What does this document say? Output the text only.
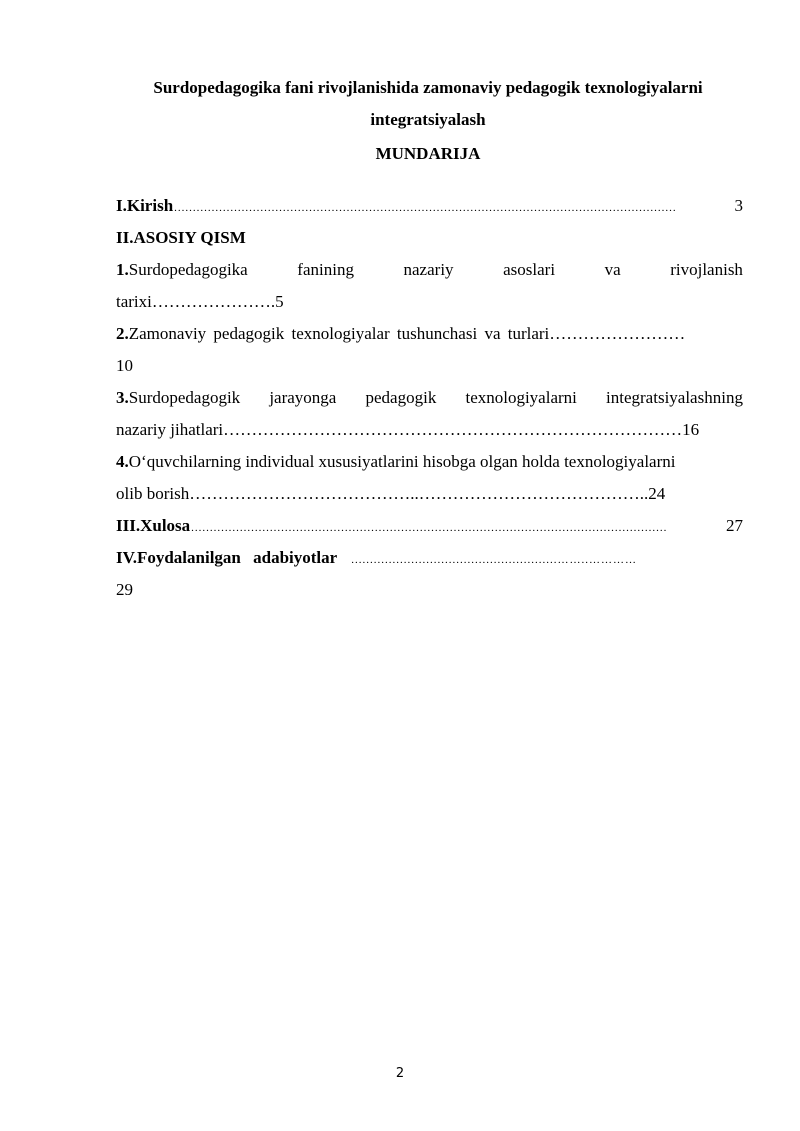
Surdopedagogika fani rivojlanishida zamonaviy pedagogik texnologiyalarni
integratsiyalash
MUNDARIJA
I.Kirish ......................................................................................................................................	3
II.ASOSIY QISM
1.Surdopedagogika	fanining	nazariy	asoslari	va	rivojlanish
tarixi………………….5
2. Zamonaviy pedagogik texnologiyalar tushunchasi va turlari……………………
10
3.Surdopedagogik jarayonga pedagogik texnologiyalarni integratsiyalashning
nazariy jihatlari………………………………………………………………………16
4. O‘quvchilarning individual xususiyatlarini hisobga olgan holda texnologiyalarni
olib borish…………………………………..…………………………………..24
III.Xulosa ...............................................................................................................................	27
IV.Foydalanilgan adabiyotlar .......................................................……..…………
29
2
